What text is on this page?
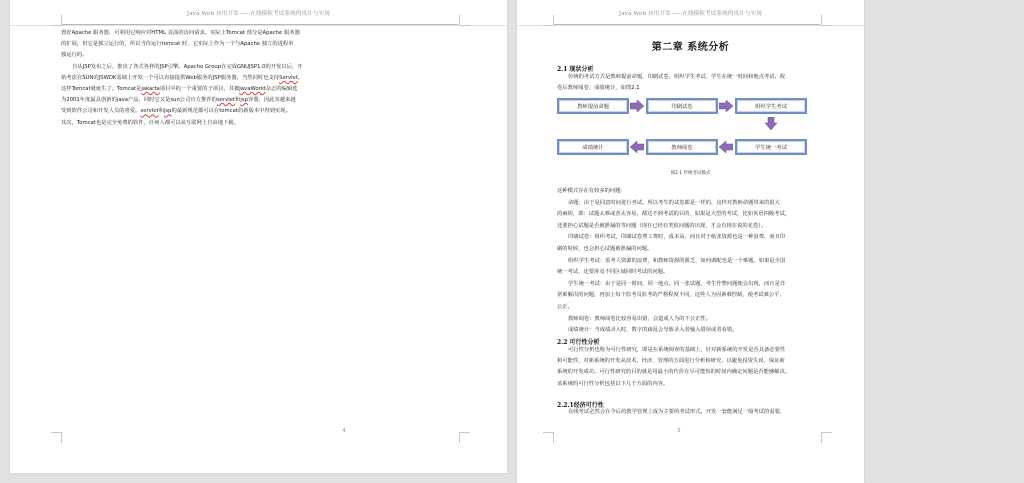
Java Web 应用开发——在线模拟考试系统的设计与实现

置好Apache 服务器，可利用它响应对HTML 页面的访问请求。实际上Tomcat 部分是Apache 服务器
的扩展，但它是独立运行的，所以当你运行tomcat 时，它实际上作为一个与Apache 独立的进程单
独运行的。

自从JSP发布之后，推出了各式各样的JSP引擎。Apache Group在完成GNUJSP1.0的开发以后，开
始考虑在SUN的JSWDK基础上开发一个可以直接提供Web服务的JSP服务器，当然同时也支持Servlet,
这样Tomcat就诞生了。Tomcat是jakarta项目中的一个重要的子项目，其被JavaWorld杂志的编辑选
为2001年度最具创新的java产品，同时它又是sun公司官方推荐的servlet和jsp容器，因此其越来越
受到软件公司和开发人员的喜爱。servlet和jsp的最新规范都可以在tomcat的新版本中得到实现。
其次，Tomcat也是完全免费的软件，任何人都可以从互联网上自由地下载。

4
Java Web 应用开发——在线模拟考试系统的设计与实现
第二章 系统分析
2.1 现状分析

传统的考试方式是教师提前命题、印刷试卷、组织学生考试、学生在统一时间和地点考试、收
卷后教师阅卷、成绩统计，如图2.1

教师提前命题	印刷试卷	组织学生考试
成绩统计	教师阅卷	学生统一考试
图2.1 传统考试模式

这种模式存在有较多的问题：

命题：由于是同意时间进行考试，所以考生的试卷都是一样的，这样对教师命题带来的很大
的麻烦，即：试题太难或者太容易，都达不到考试的目的，如果是大型的考试，比如英语四级考试，
还要担心试题是否被泄漏的等问题（现在已经有类似问题的出现，才会有现在说的花卷）。

印刷试卷：组织考试，印刷试卷费工费时，成本高，而且对于纸张资源也是一种浪费，而且印
刷的时候，也会担心试题被泄漏的问题。

组织学生考试：监考人资源的浪费，和教师资源的匮乏，如何调配也是一个难题，如果是全国
统一考试，还要涉及不同区域同时考试的问题。

学生统一考试：由于是同一时间，同一地点，同一张试题，考生作弊问题便会出现，而且是非
常难解决的问题，再加上每个监考员监考的严格程度不同，这些人为因素难控制，使考试难公平、
公正。

教师阅卷：教师阅卷比较容易出错，会造成人为的不公正性。

成绩统计：当成绩录入时，数字的疏乱会导致录入者输入错误或者看错。

2.2 可行性分析

可行性分析也称为可行性研究，即是在系统调查的基础上，针对新系统的开发是否具备必要性
和可能性，对新系统的开发从技术、经济、管理的方面进行分析和研究，以避免投资失误，保证新
系统的开发成功。可行性研究的目的就是用最小的代价在尽可能短的时间内确定问题是否能够解决。
该系统的可行性分析包括以下几个方面的内容。

2.2.1经济可行性

在线考试必然会在今后的教学管理上成为主要的考试形式。开发一套能满足一般考试的需要，

5
